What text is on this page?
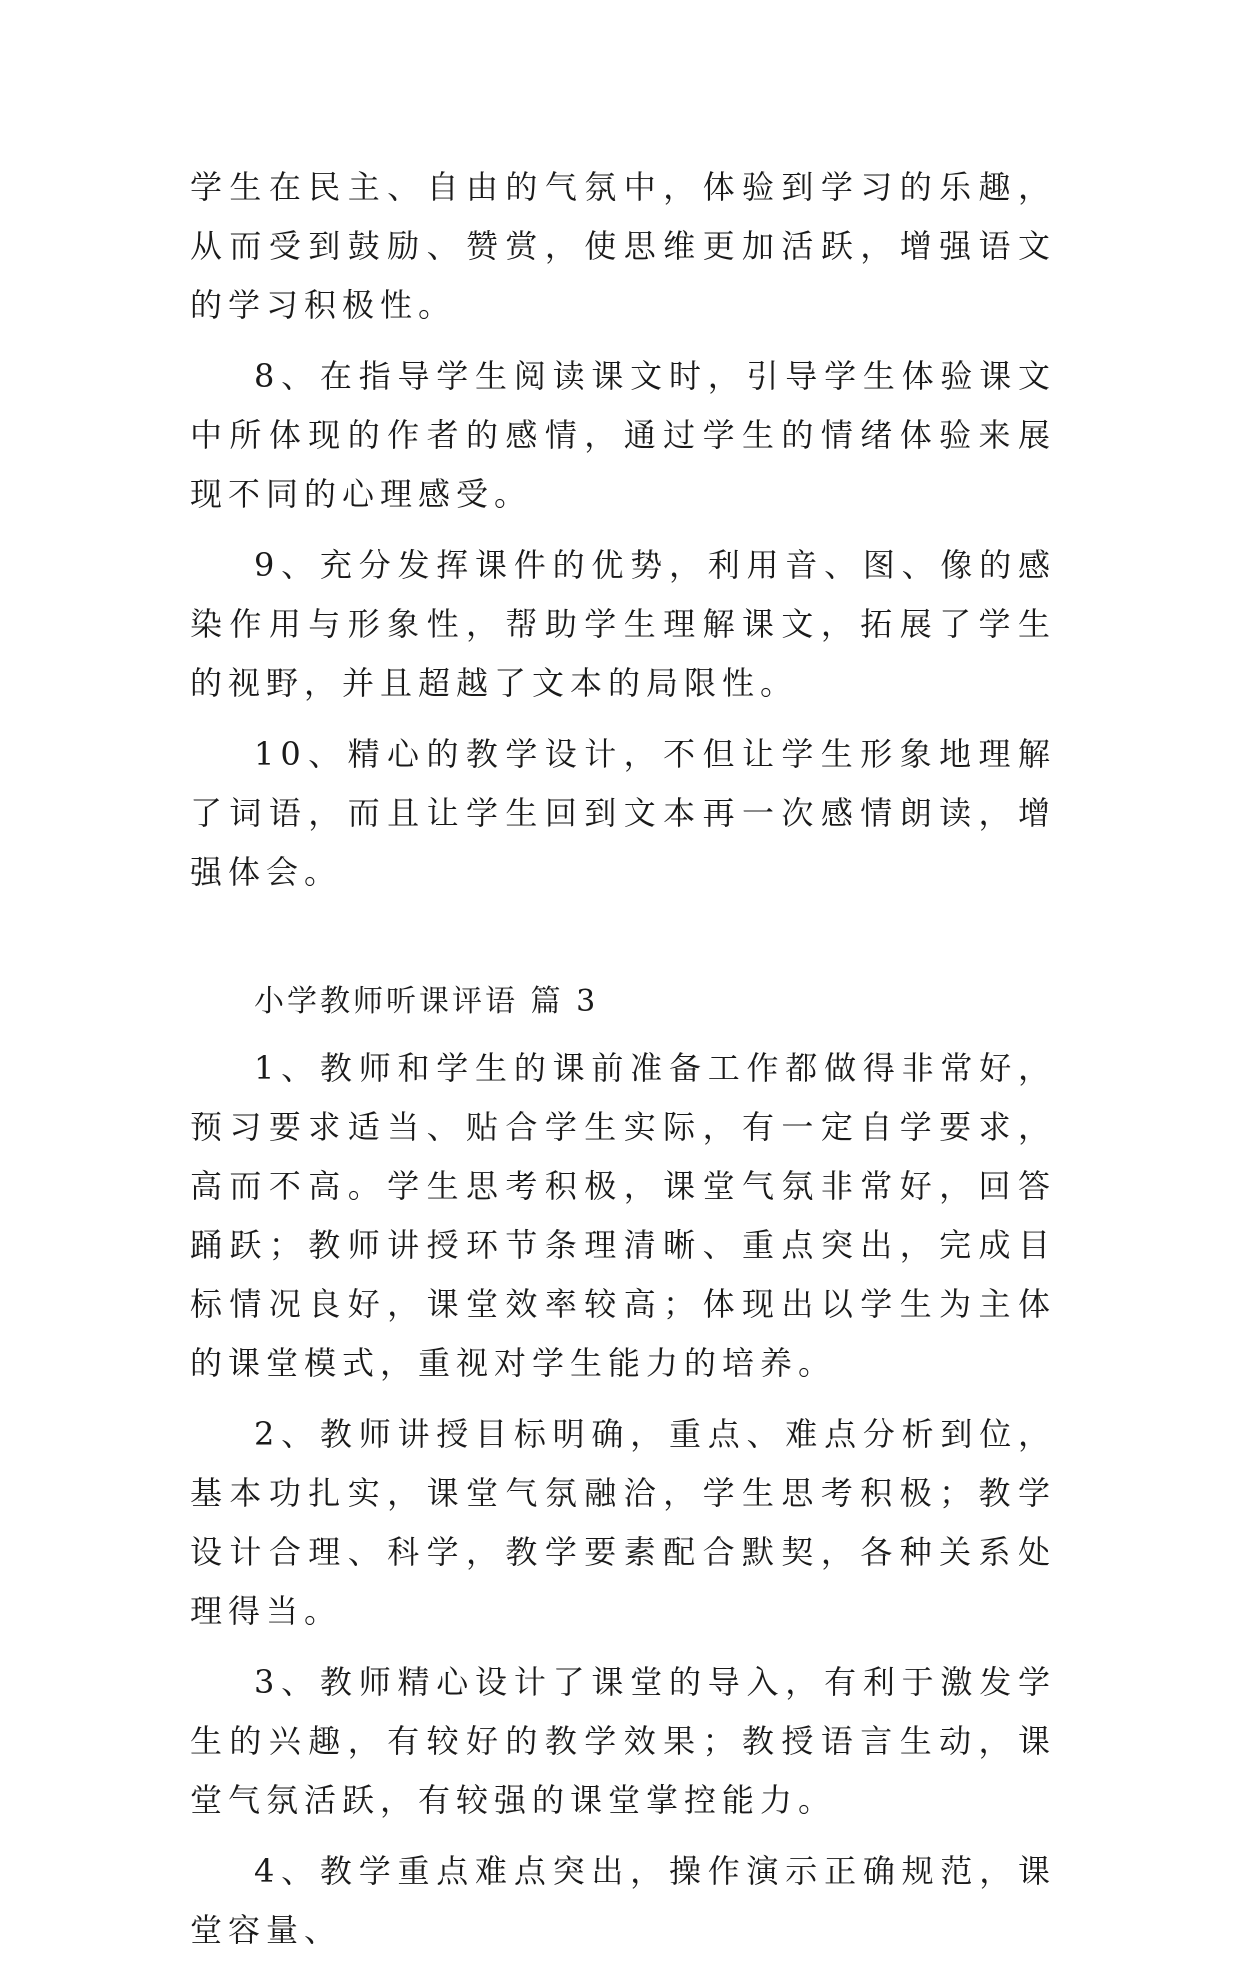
学生在民主、自由的气氛中，体验到学习的乐趣，从而受到鼓励、赞赏，使思维更加活跃，增强语文的学习积极性。

8、在指导学生阅读课文时，引导学生体验课文中所体现的作者的感情，通过学生的情绪体验来展现不同的心理感受。

9、充分发挥课件的优势，利用音、图、像的感染作用与形象性，帮助学生理解课文，拓展了学生的视野，并且超越了文本的局限性。

10、精心的教学设计，不但让学生形象地理解了词语，而且让学生回到文本再一次感情朗读，增强体会。

小学教师听课评语 篇 3

1、教师和学生的课前准备工作都做得非常好，预习要求适当、贴合学生实际，有一定自学要求，高而不高。学生思考积极，课堂气氛非常好，回答踊跃；教师讲授环节条理清晰、重点突出，完成目标情况良好，课堂效率较高；体现出以学生为主体的课堂模式，重视对学生能力的培养。

2、教师讲授目标明确，重点、难点分析到位，基本功扎实，课堂气氛融洽，学生思考积极；教学设计合理、科学，教学要素配合默契，各种关系处理得当。

3、教师精心设计了课堂的导入，有利于激发学生的兴趣，有较好的教学效果；教授语言生动，课堂气氛活跃，有较强的课堂掌控能力。

4、教学重点难点突出，操作演示正确规范，课堂容量、
